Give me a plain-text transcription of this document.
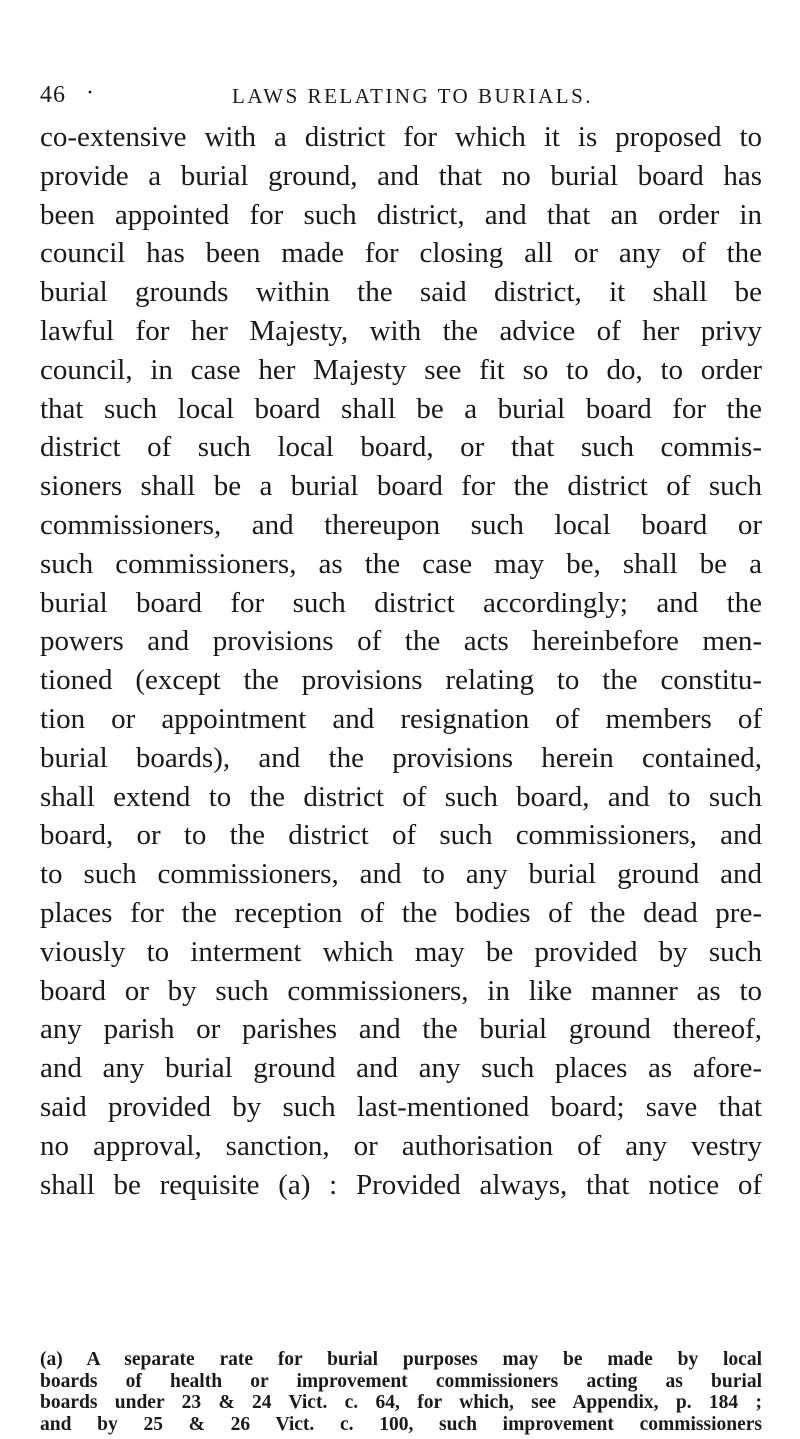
46 ·	LAWS RELATING TO BURIALS.
co-extensive with a district for which it is proposed to
provide a burial ground, and that no burial board has
been appointed for such district, and that an order in
council has been made for closing all or any of the
burial grounds within the said district, it shall be
lawful for her Majesty, with the advice of her privy
council, in case her Majesty see fit so to do, to order
that such local board shall be a burial board for the
district of such local board, or that such commis-
sioners shall be a burial board for the district of such
commissioners, and thereupon such local board or
such commissioners, as the case may be, shall be a
burial board for such district accordingly; and the
powers and provisions of the acts hereinbefore men-
tioned (except the provisions relating to the constitu-
tion or appointment and resignation of members of
burial boards), and the provisions herein contained,
shall extend to the district of such board, and to such
board, or to the district of such commissioners, and
to such commissioners, and to any burial ground and
places for the reception of the bodies of the dead pre-
viously to interment which may be provided by such
board or by such commissioners, in like manner as to
any parish or parishes and the burial ground thereof,
and any burial ground and any such places as afore-
said provided by such last-mentioned board; save that
no approval, sanction, or authorisation of any vestry
shall be requisite (a) : Provided always, that notice of
(a) A separate rate for burial purposes may be made by local
boards of health or improvement commissioners acting as burial
boards under 23 & 24 Vict. c. 64, for which, see Appendix, p. 184 ;
and by 25 & 26 Vict. c. 100, such improvement commissioners
